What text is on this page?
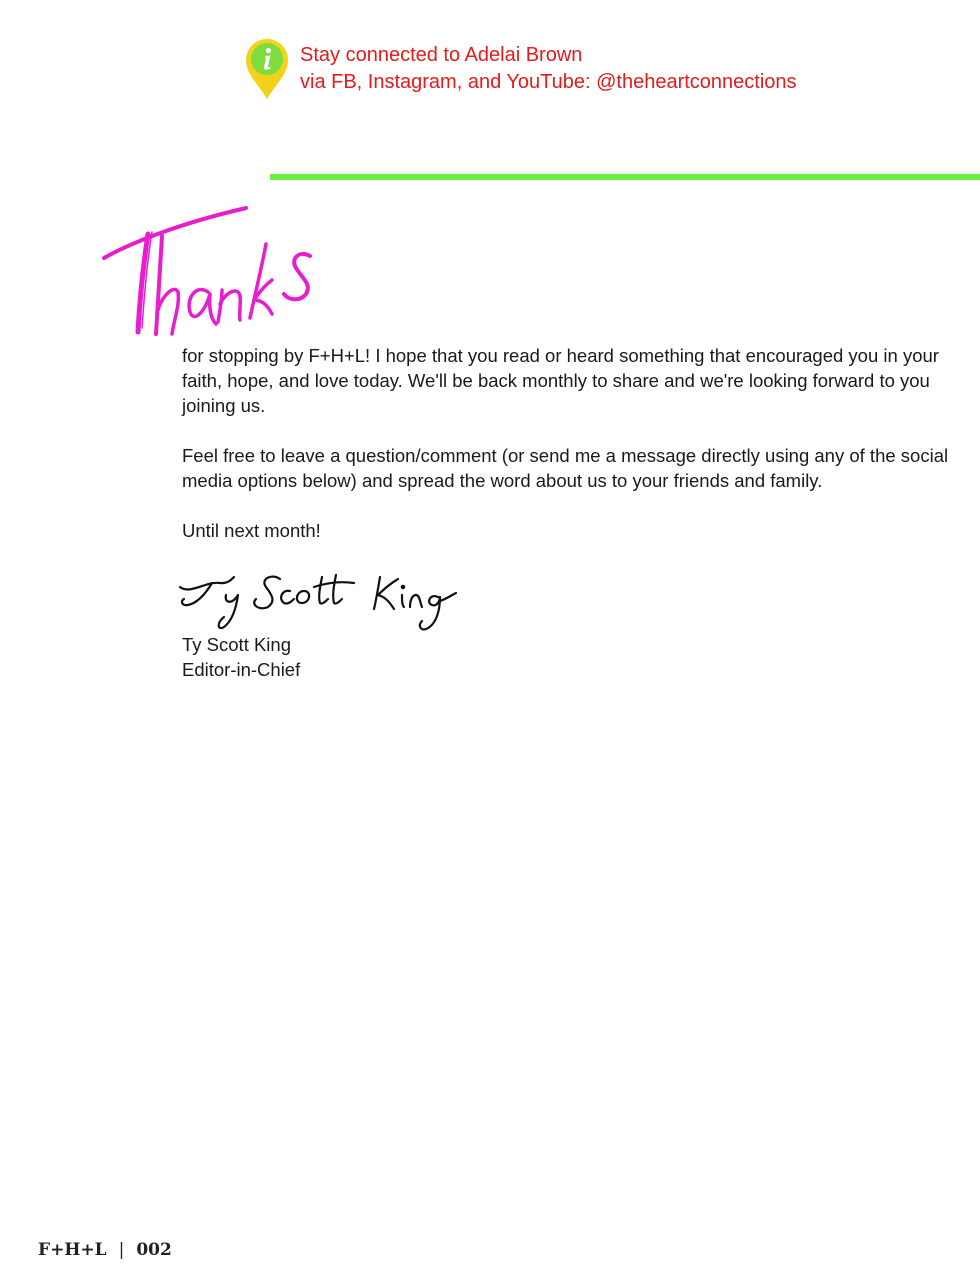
Stay connected to Adelai Brown
via FB, Instagram, and YouTube: @theheartconnections

for stopping by F+H+L! I hope that you read or heard something that encouraged you in your faith, hope, and love today. We'll be back monthly to share and we're looking forward to you joining us.

Feel free to leave a question/comment (or send me a message directly using any of the social media options below) and spread the word about us to your friends and family.

Until next month!

Ty Scott King
Editor-in-Chief
F+H+L | 002
